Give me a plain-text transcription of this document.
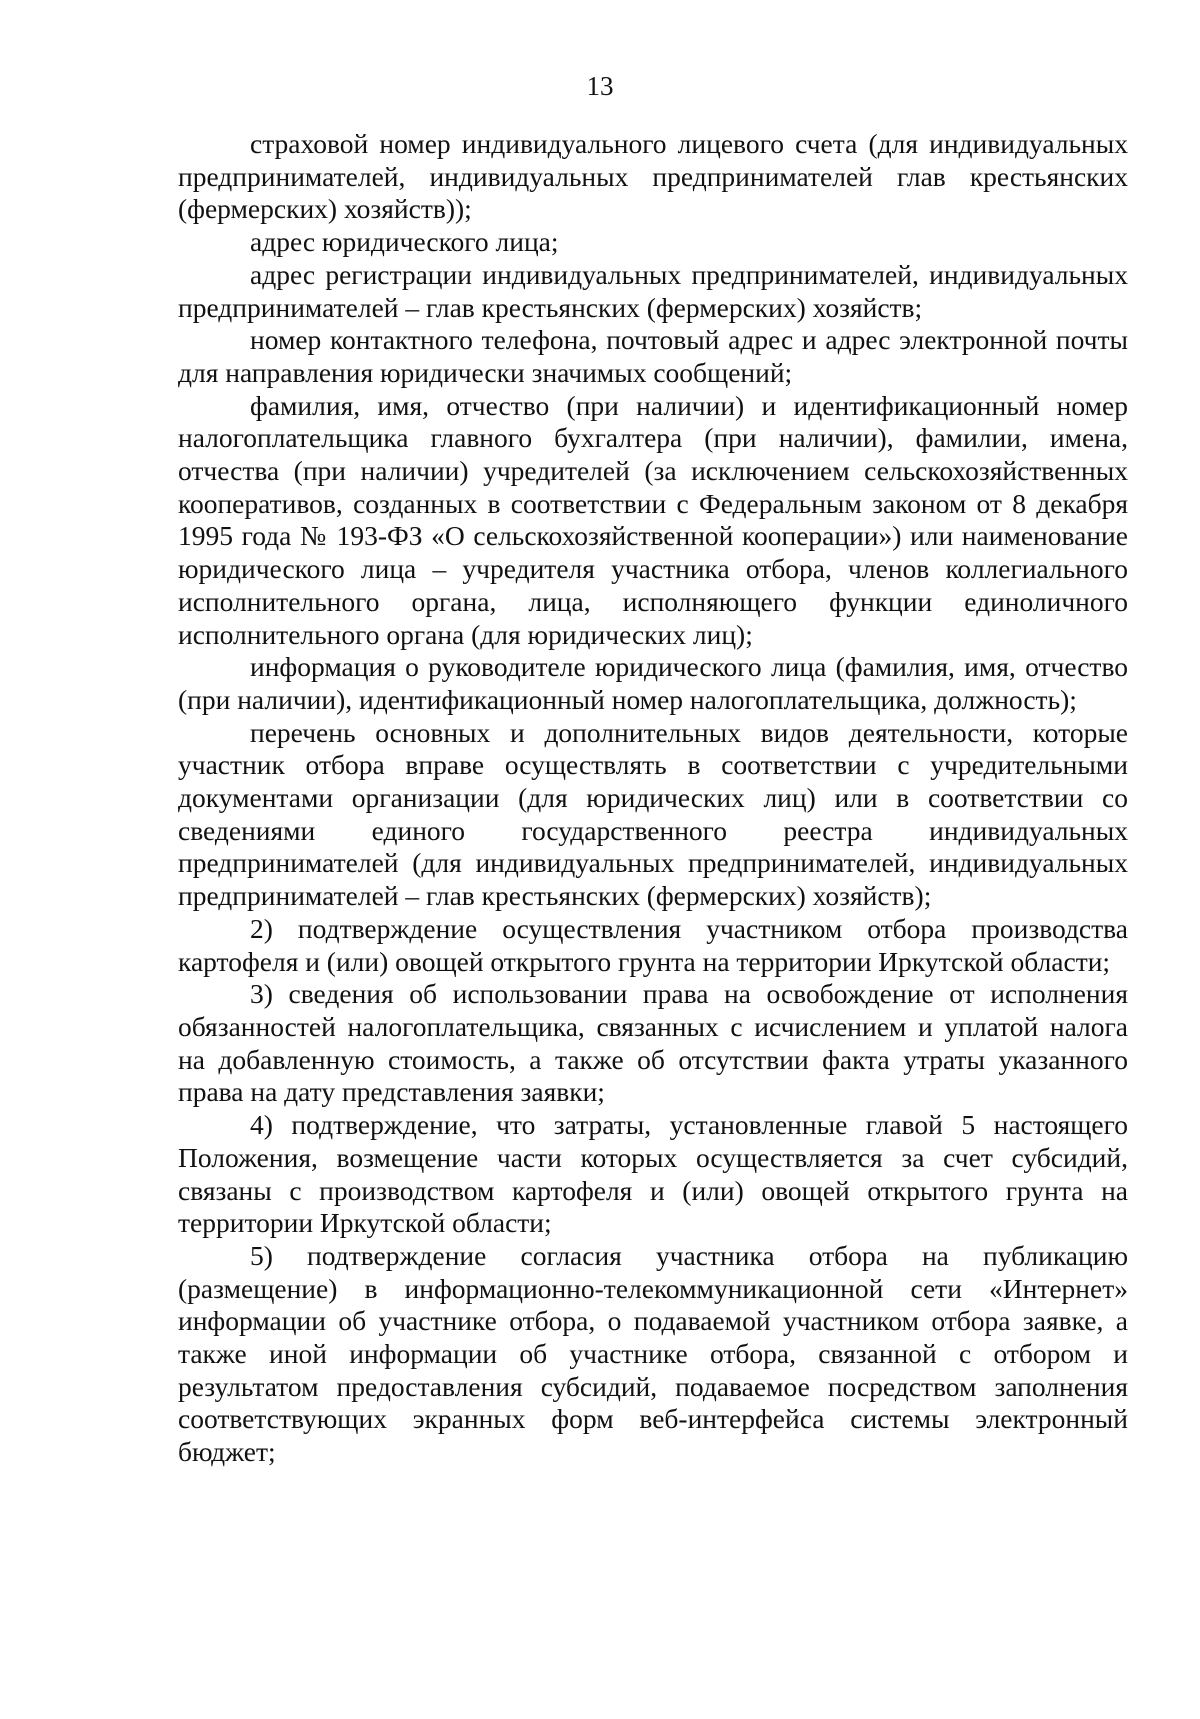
13

страховой номер индивидуального лицевого счета (для индивидуальных предпринимателей, индивидуальных предпринимателей глав крестьянских (фермерских) хозяйств));

адрес юридического лица;

адрес регистрации индивидуальных предпринимателей, индивидуальных предпринимателей – глав крестьянских (фермерских) хозяйств;

номер контактного телефона, почтовый адрес и адрес электронной почты для направления юридически значимых сообщений;

фамилия, имя, отчество (при наличии) и идентификационный номер налогоплательщика главного бухгалтера (при наличии), фамилии, имена, отчества (при наличии) учредителей (за исключением сельскохозяйственных кооперативов, созданных в соответствии с Федеральным законом от 8 декабря 1995 года № 193-ФЗ «О сельскохозяйственной кооперации») или наименование юридического лица – учредителя участника отбора, членов коллегиального исполнительного органа, лица, исполняющего функции единоличного исполнительного органа (для юридических лиц);

информация о руководителе юридического лица (фамилия, имя, отчество (при наличии), идентификационный номер налогоплательщика, должность);

перечень основных и дополнительных видов деятельности, которые участник отбора вправе осуществлять в соответствии с учредительными документами организации (для юридических лиц) или в соответствии со сведениями единого государственного реестра индивидуальных предпринимателей (для индивидуальных предпринимателей, индивидуальных предпринимателей – глав крестьянских (фермерских) хозяйств);

2) подтверждение осуществления участником отбора производства картофеля и (или) овощей открытого грунта на территории Иркутской области;

3) сведения об использовании права на освобождение от исполнения обязанностей налогоплательщика, связанных с исчислением и уплатой налога на добавленную стоимость, а также об отсутствии факта утраты указанного права на дату представления заявки;

4) подтверждение, что затраты, установленные главой 5 настоящего Положения, возмещение части которых осуществляется за счет субсидий, связаны с производством картофеля и (или) овощей открытого грунта на территории Иркутской области;

5) подтверждение согласия участника отбора на публикацию (размещение) в информационно-телекоммуникационной сети «Интернет» информации об участнике отбора, о подаваемой участником отбора заявке, а также иной информации об участнике отбора, связанной с отбором и результатом предоставления субсидий, подаваемое посредством заполнения соответствующих экранных форм веб-интерфейса системы электронный бюджет;
